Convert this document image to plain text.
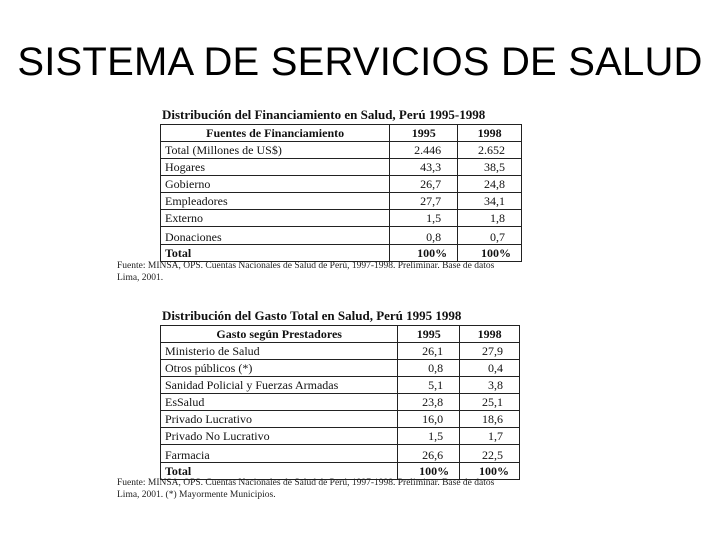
SISTEMA DE SERVICIOS DE SALUD
Distribución del Financiamiento en Salud, Perú 1995-1998
Fuentes de Financiamiento	1995	1998
Total (Millones de US$)	2.446	2.652
Hogares	43,3	38,5
Gobierno	26,7	24,8
Empleadores	27,7	34,1
Externo	1,5	1,8
Donaciones	0,8	0,7
Total	100%	100%
Fuente: MINSA, OPS. Cuentas Nacionales de Salud de Perú, 1997-1998. Preliminar. Base de datos
Lima, 2001.
Distribución del Gasto Total en Salud, Perú 1995 1998
Gasto según Prestadores	1995	1998
Ministerio de Salud	26,1	27,9
Otros públicos (*)	0,8	0,4
Sanidad Policial y Fuerzas Armadas	5,1	3,8
EsSalud	23,8	25,1
Privado Lucrativo	16,0	18,6
Privado No Lucrativo	1,5	1,7
Farmacia	26,6	22,5
Total	100%	100%
Fuente: MINSA, OPS. Cuentas Nacionales de Salud de Perú, 1997-1998. Preliminar. Base de datos
Lima, 2001. (*) Mayormente Municipios.
